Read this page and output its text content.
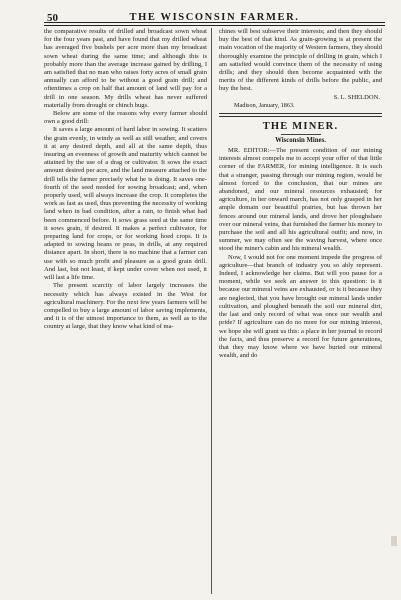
50	THE WISCONSIN FARMER.

the comparative results of drilled and broadcast sown wheat for the four years past, and have found that my drilled wheat has averaged five bushels per acre more than my broadcast sown wheat during the same time; and although this is probably more than the average increase gained by drilling, I am satisfied that no man who raises forty acres of small grain annually can afford to be without a good grain drill; and oftentimes a crop on half that amount of land will pay for a drill in one season. My drills wheat has never suffered materially from drought or chinch bugs.

Below are some of the reasons why every farmer should own a good drill:

It saves a large amount of hard labor in sowing. It scatters the grain evenly, in windy as well as still weather, and covers it at any desired depth, and all at the same depth, thus insuring an evenness of growth and maturity which cannot be attained by the use of a drag or cultivator. It sows the exact amount desired per acre, and the land measure attached to the drill tells the farmer precisely what he is doing. It saves one-fourth of the seed needed for sowing broadcast; and, when properly used, will always increase the crop. It completes the work as fast as used, thus preventing the necessity of working land when in bad condition, after a rain, to finish what had been commenced before. It sows grass seed at the same time it sows grain, if desired. It makes a perfect cultivator, for preparing land for crops, or for working hoed crops. It is adapted to sowing beans or peas, in drills, at any required distance apart. In short, there is no machine that a farmer can use with so much profit and pleasure as a good grain drill. And last, but not least, if kept under cover when not used, it will last a life time.

The present scarcity of labor largely increases the necessity which has always existed in the West for agricultural machinery. For the next few years farmers will be compelled to buy a large amount of labor saving implements, and it is of the utmost importance to them, as well as to the country at large, that they know what kind of ma-

chines will best subserve their interests; and then they should buy the best of that kind. As grain-growing is at present the main vocation of the majority of Western farmers, they should thoroughly examine the principle of drilling in grain, which I am satisfied would convince them of the necessity of using drills; and they should then become acquainted with the merits of the different kinds of drills before the public, and buy the best.

S. L. SHELDON.

Madison, January, 1863.

THE MINER.
Wisconsin Mines.

MR. EDITOR:—The present condition of our mining interests almost compels me to accept your offer of that little corner of the FARMER, for mining intelligence. It is such that a stranger, passing through our mining region, would be almost forced to the conclusion, that our mines are abandoned, and our mineral resources exhausted; for agriculture, in her onward march, has not only grasped in her ample domain our beautiful prairies, but has thrown her fences around our mineral lands, and drove her ploughshare over our mineral veins, that furnished the farmer his money to purchase the soil and all his agricultural outfit; and now, in summer, we may often see the waving harvest, where once stood the miner's cabin and his mineral wealth.

Now, I would not for one moment impede the progress of agriculture—that branch of industry you so ably represent. Indeed, I acknowledge her claims. But will you pause for a moment, while we seek an answer to this question: is it because our mineral veins are exhausted, or is it because they are neglected, that you have brought our mineral lands under cultivation, and ploughed beneath the soil our mineral dirt, the last and only record of what was once our wealth and pride? If agriculture can do no more for our mining interest, we hope she will grant us this: a place in her journal to record the facts, and thus preserve a record for future generations, that they may know where we have buried our mineral wealth, and do
